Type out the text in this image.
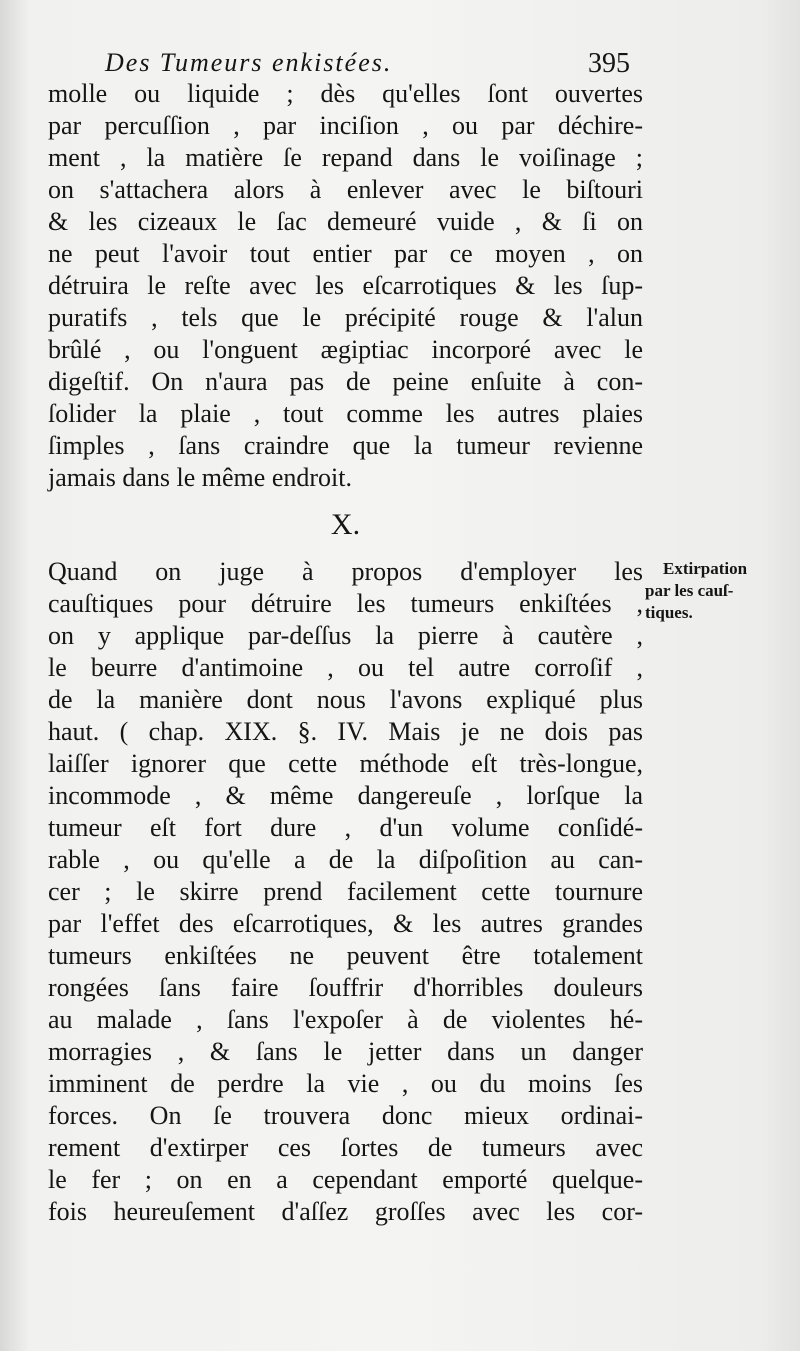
Des Tumeurs enkistées.	395
molle ou liquide ; dès qu'elles ſont ouvertes
par percuſſion , par inciſion , ou par déchire-
ment , la matière ſe repand dans le voiſinage ;
on s'attachera alors à enlever avec le biſtouri
& les cizeaux le ſac demeuré vuide , & ſi on
ne peut l'avoir tout entier par ce moyen , on
détruira le reſte avec les eſcarrotiques & les ſup-
puratifs , tels que le précipité rouge & l'alun
brûlé , ou l'onguent ægiptiac incorporé avec le
digeſtif. On n'aura pas de peine enſuite à con-
ſolider la plaie , tout comme les autres plaies
ſimples , ſans craindre que la tumeur revienne
jamais dans le même endroit.
X.
Quand on juge à propos d'employer les
cauſtiques pour détruire les tumeurs enkiſtées ,
on y applique par-deſſus la pierre à cautère ,
le beurre d'antimoine , ou tel autre corroſif ,
de la manière dont nous l'avons expliqué plus
haut. ( chap. XIX. §. IV. Mais je ne dois pas
laiſſer ignorer que cette méthode eſt très-longue,
incommode , & même dangereuſe , lorſque la
tumeur eſt fort dure , d'un volume conſidé-
rable , ou qu'elle a de la diſpoſition au can-
cer ; le skirre prend facilement cette tournure
par l'effet des eſcarrotiques, & les autres grandes
tumeurs enkiſtées ne peuvent être totalement
rongées ſans faire ſouffrir d'horribles douleurs
au malade , ſans l'expoſer à de violentes hé-
morragies , & ſans le jetter dans un danger
imminent de perdre la vie , ou du moins ſes
forces. On ſe trouvera donc mieux ordinai-
rement d'extirper ces ſortes de tumeurs avec
le fer ; on en a cependant emporté quelque-
fois heureuſement d'aſſez groſſes avec les cor-
Extirpation
par les cauſ-
tiques.
